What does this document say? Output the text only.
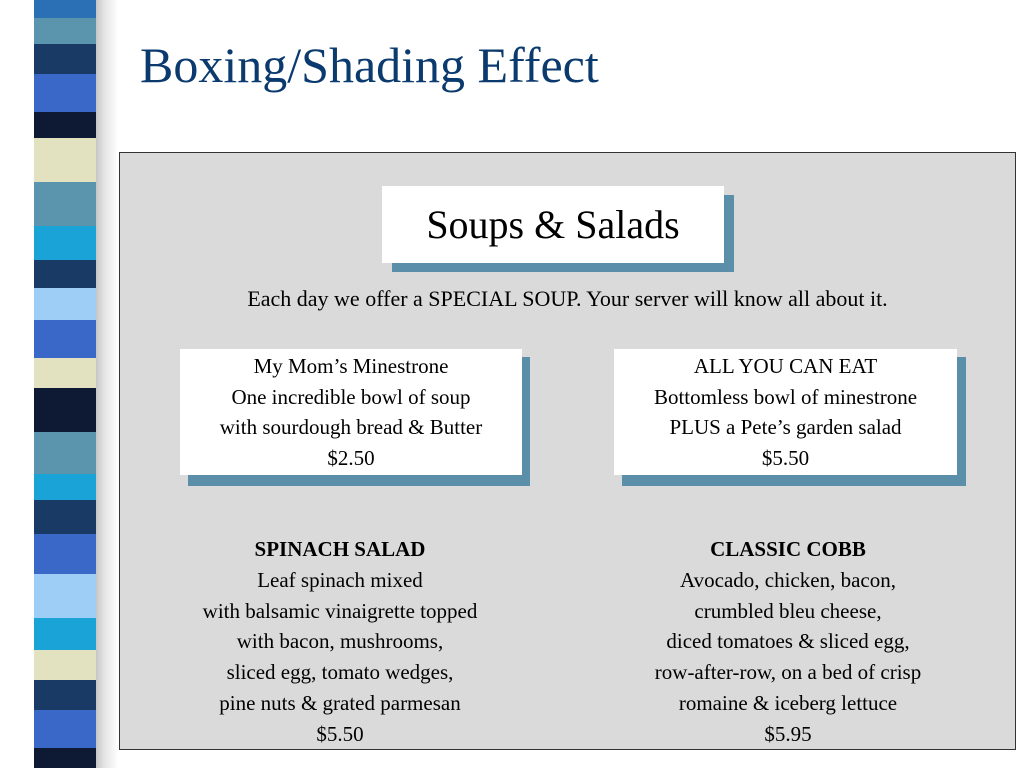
Boxing/Shading Effect
Soups & Salads
Each day we offer a SPECIAL SOUP. Your server will know all about it.
My Mom’s Minestrone
One incredible bowl of soup
with sourdough bread & Butter
$2.50
ALL YOU CAN EAT
Bottomless bowl of minestrone
PLUS a Pete’s garden salad
$5.50
SPINACH SALAD
Leaf spinach mixed
with balsamic vinaigrette topped
with bacon, mushrooms,
sliced egg, tomato wedges,
pine nuts & grated parmesan
$5.50
CLASSIC COBB
Avocado, chicken, bacon,
crumbled bleu cheese,
diced tomatoes & sliced egg,
row-after-row, on a bed of crisp
romaine & iceberg lettuce
$5.95
